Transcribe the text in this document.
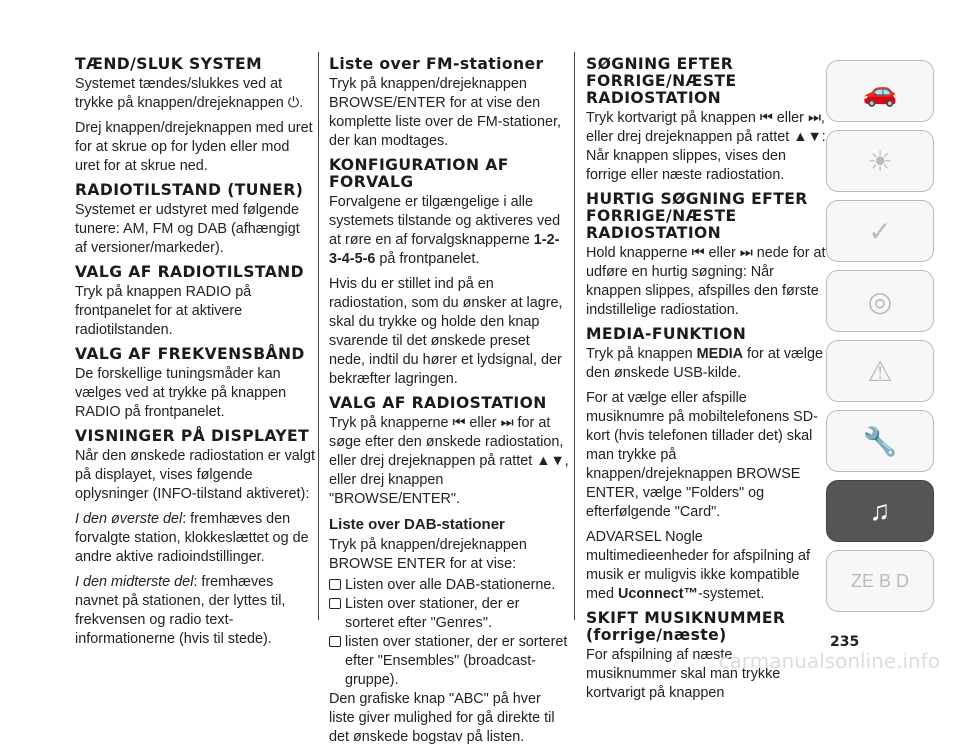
TÆND/SLUK SYSTEM

Systemet tændes/slukkes ved at trykke på knappen/drejeknappen ⏻.

Drej knappen/drejeknappen med uret for at skrue op for lyden eller mod uret for at skrue ned.

RADIOTILSTAND (TUNER)

Systemet er udstyret med følgende tunere: AM, FM og DAB (afhængigt af versioner/markeder).

VALG AF RADIOTILSTAND

Tryk på knappen RADIO på frontpanelet for at aktivere radiotilstanden.

VALG AF FREKVENSBÅND

De forskellige tuningsmåder kan vælges ved at trykke på knappen RADIO på frontpanelet.

VISNINGER PÅ DISPLAYET

Når den ønskede radiostation er valgt på displayet, vises følgende oplysninger (INFO-tilstand aktiveret):

I den øverste del: fremhæves den forvalgte station, klokkeslættet og de andre aktive radioindstillinger.

I den midterste del: fremhæves navnet på stationen, der lyttes til, frekvensen og radio text-informationerne (hvis til stede).

Liste over FM-stationer

Tryk på knappen/drejeknappen BROWSE/ENTER for at vise den komplette liste over de FM-stationer, der kan modtages.

KONFIGURATION AF FORVALG

Forvalgene er tilgængelige i alle systemets tilstande og aktiveres ved at røre en af forvalgsknapperne 1-2-3-4-5-6 på frontpanelet.

Hvis du er stillet ind på en radiostation, som du ønsker at lagre, skal du trykke og holde den knap svarende til det ønskede preset nede, indtil du hører et lydsignal, der bekræfter lagringen.

VALG AF RADIOSTATION

Tryk på knapperne ⏮ eller ⏭ for at søge efter den ønskede radiostation, eller drej drejeknappen på rattet ▲▼, eller drej knappen "BROWSE/ENTER".

Liste over DAB-stationer

Tryk på knappen/drejeknappen BROWSE ENTER for at vise:

Listen over alle DAB-stationerne.
Listen over stationer, der er sorteret efter "Genres".
listen over stationer, der er sorteret efter "Ensembles" (broadcast-gruppe).

Den grafiske knap "ABC" på hver liste giver mulighed for gå direkte til det ønskede bogstav på listen.

SØGNING EFTER FORRIGE/NÆSTE RADIOSTATION

Tryk kortvarigt på knappen ⏮ eller ⏭, eller drej drejeknappen på rattet ▲▼: Når knappen slippes, vises den forrige eller næste radiostation.

HURTIG SØGNING EFTER FORRIGE/NÆSTE RADIOSTATION

Hold knapperne ⏮ eller ⏭ nede for at udføre en hurtig søgning: Når knappen slippes, afspilles den første indstillelige radiostation.

MEDIA-FUNKTION

Tryk på knappen MEDIA for at vælge den ønskede USB-kilde.

For at vælge eller afspille musiknumre på mobiltelefonens SD-kort (hvis telefonen tillader det) skal man trykke på knappen/drejeknappen BROWSE ENTER, vælge "Folders" og efterfølgende "Card".

ADVARSEL Nogle multimedieenheder for afspilning af musik er muligvis ikke kompatible med Uconnect™-systemet.

SKIFT MUSIKNUMMER (forrige/næste)

For afspilning af næste musiknummer skal man trykke kortvarigt på knappen

🚗
☀
✓
◎
⚠
🔧
♫
ZE B D
235
carmanualsonline.info
